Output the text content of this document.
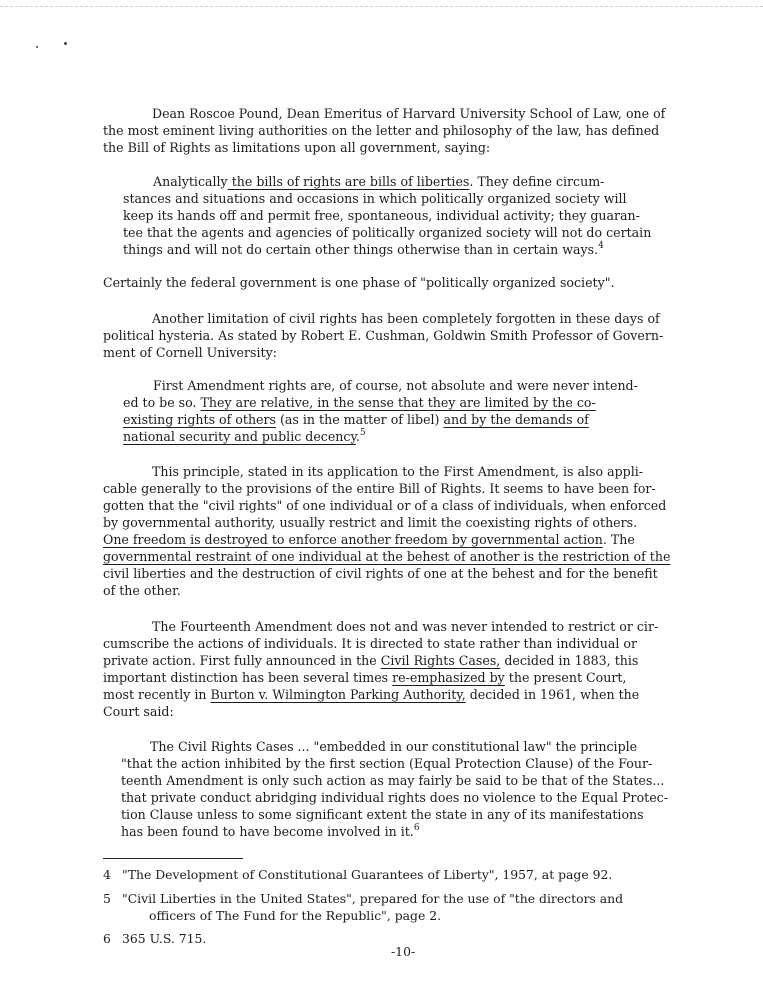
Dean Roscoe Pound, Dean Emeritus of Harvard University School of Law, one of
the most eminent living authorities on the letter and philosophy of the law, has defined
the Bill of Rights as limitations upon all government, saying:

Analytically the bills of rights are bills of liberties. They define circum-
stances and situations and occasions in which politically organized society will
keep its hands off and permit free, spontaneous, individual activity; they guaran-
tee that the agents and agencies of politically organized society will not do certain
things and will not do certain other things otherwise than in certain ways.$^4$

Certainly the federal government is one phase of "politically organized society".

Another limitation of civil rights has been completely forgotten in these days of
political hysteria. As stated by Robert E. Cushman, Goldwin Smith Professor of Govern-
ment of Cornell University:

First Amendment rights are, of course, not absolute and were never intend-
ed to be so. They are relative, in the sense that they are limited by the co-
existing rights of others (as in the matter of libel) and by the demands of
national security and public decency.$^5$

This principle, stated in its application to the First Amendment, is also appli-
cable generally to the provisions of the entire Bill of Rights. It seems to have been for-
gotten that the "civil rights" of one individual or of a class of individuals, when enforced
by governmental authority, usually restrict and limit the coexisting rights of others.
One freedom is destroyed to enforce another freedom by governmental action. The
governmental restraint of one individual at the behest of another is the restriction of the
civil liberties and the destruction of civil rights of one at the behest and for the benefit
of the other.

The Fourteenth Amendment does not and was never intended to restrict or cir-
cumscribe the actions of individuals. It is directed to state rather than individual or
private action. First fully announced in the Civil Rights Cases, decided in 1883, this
important distinction has been several times re-emphasized by the present Court,
most recently in Burton v. Wilmington Parking Authority, decided in 1961, when the
Court said:

The Civil Rights Cases ... "embedded in our constitutional law" the principle
"that the action inhibited by the first section (Equal Protection Clause) of the Four-
teenth Amendment is only such action as may fairly be said to be that of the States...
that private conduct abridging individual rights does no violence to the Equal Protec-
tion Clause unless to some significant extent the state in any of its manifestations
has been found to have become involved in it.$^6$

4 "The Development of Constitutional Guarantees of Liberty", 1957, at page 92.

5 "Civil Liberties in the United States", prepared for the use of "the directors and
officers of The Fund for the Republic", page 2.

6 365 U.S. 715.

-10-
